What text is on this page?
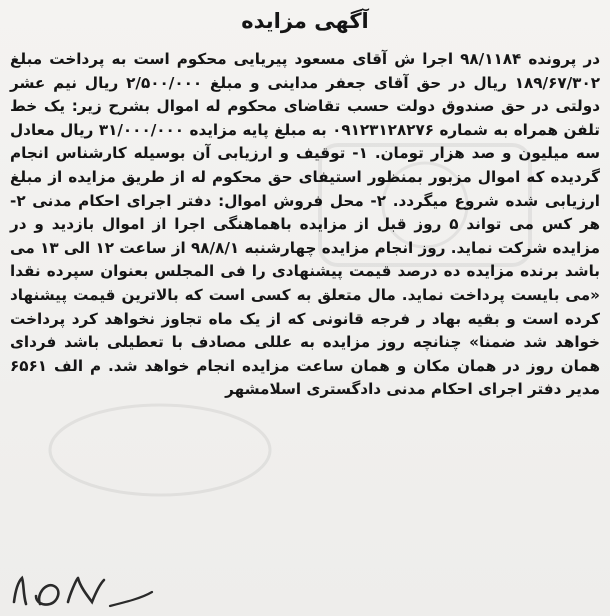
آگهی مزایده

در پرونده ۹۸/۱۱۸۴ اجرا ش آقای مسعود پیریایی محکوم است به پرداخت مبلغ ۱۸۹/۶۷/۳۰۲ ریال در حق آقای جعفر مداینی و مبلغ ۲/۵۰۰/۰۰۰ ریال نیم عشر دولتی در حق صندوق دولت حسب تقاضای محکوم له اموال بشرح زیر: یک خط تلفن همراه به شماره ۰۹۱۲۳۱۲۸۲۷۶ به مبلغ پایه مزایده ۳۱/۰۰۰/۰۰۰ ریال معادل سه میلیون و صد هزار تومان. ۱- توقیف و ارزیابی آن بوسیله کارشناس انجام گردیده که اموال مزبور بمنظور استیفای حق محکوم له از طریق مزایده از مبلغ ارزیابی شده شروع میگردد. ۲- محل فروش اموال: دفتر اجرای احکام مدنی ۲- هر کس می تواند ۵ روز قبل از مزایده باهماهنگی اجرا از اموال بازدید و در مزایده شرکت نماید. روز انجام مزایده چهارشنبه ۹۸/۸/۱ از ساعت ۱۲ الی ۱۳ می باشد برنده مزایده ده درصد قیمت پیشنهادی را فی المجلس بعنوان سپرده نقدا «می بایست پرداخت نماید. مال متعلق به کسی است که بالاترین قیمت پیشنهاد کرده است و بقیه بهاد ر فرجه قانونی که از یک ماه تجاوز نخواهد کرد پرداخت خواهد شد ضمنا» چنانچه روز مزایده به عللی مصادف با تعطیلی باشد فردای همان روز در همان مکان و همان ساعت مزایده انجام خواهد شد. م الف ۶۵۶۱ مدیر دفتر اجرای احکام مدنی دادگستری اسلامشهر
